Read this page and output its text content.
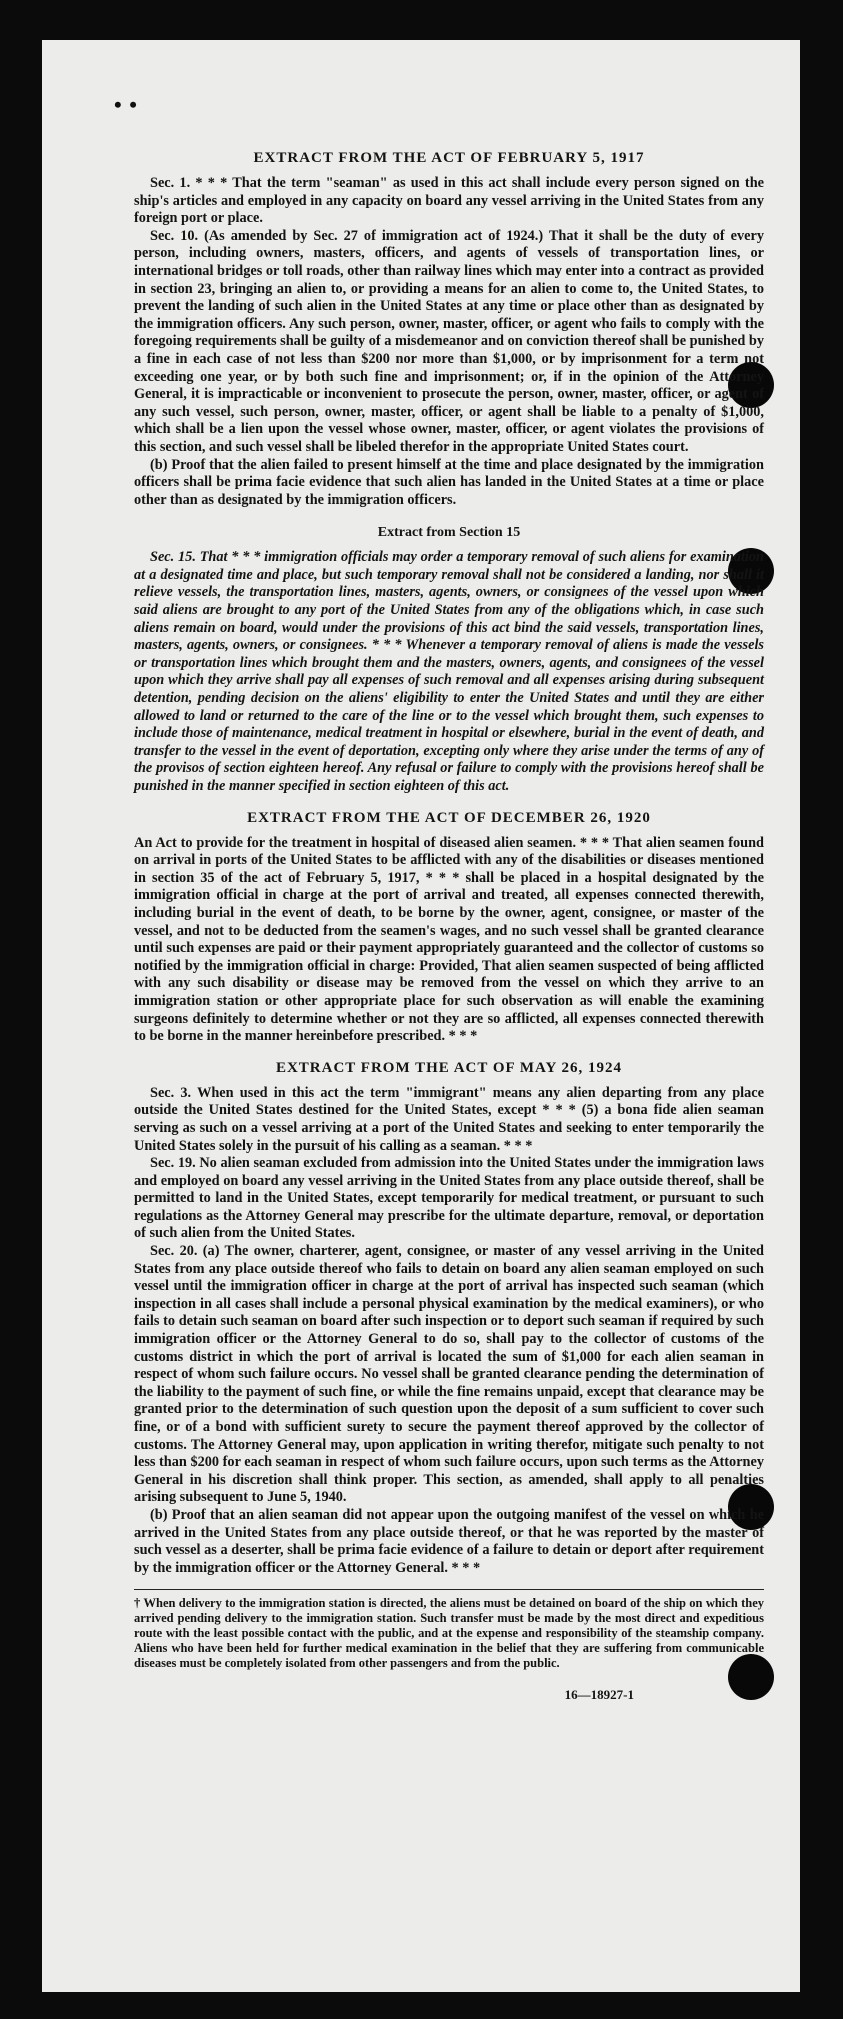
• •
EXTRACT FROM THE ACT OF FEBRUARY 5, 1917

Sec. 1. * * * That the term "seaman" as used in this act shall include every person signed on the ship's articles and employed in any capacity on board any vessel arriving in the United States from any foreign port or place.

Sec. 10. (As amended by Sec. 27 of immigration act of 1924.) That it shall be the duty of every person, including owners, masters, officers, and agents of vessels of transportation lines, or international bridges or toll roads, other than railway lines which may enter into a contract as provided in section 23, bringing an alien to, or providing a means for an alien to come to, the United States, to prevent the landing of such alien in the United States at any time or place other than as designated by the immigration officers. Any such person, owner, master, officer, or agent who fails to comply with the foregoing requirements shall be guilty of a misdemeanor and on conviction thereof shall be punished by a fine in each case of not less than $200 nor more than $1,000, or by imprisonment for a term not exceeding one year, or by both such fine and imprisonment; or, if in the opinion of the Attorney General, it is impracticable or inconvenient to prosecute the person, owner, master, officer, or agent of any such vessel, such person, owner, master, officer, or agent shall be liable to a penalty of $1,000, which shall be a lien upon the vessel whose owner, master, officer, or agent violates the provisions of this section, and such vessel shall be libeled therefor in the appropriate United States court.

(b) Proof that the alien failed to present himself at the time and place designated by the immigration officers shall be prima facie evidence that such alien has landed in the United States at a time or place other than as designated by the immigration officers.

Extract from Section 15

Sec. 15. That * * * immigration officials may order a temporary removal of such aliens for examination at a designated time and place, but such temporary removal shall not be considered a landing, nor shall it relieve vessels, the transportation lines, masters, agents, owners, or consignees of the vessel upon which said aliens are brought to any port of the United States from any of the obligations which, in case such aliens remain on board, would under the provisions of this act bind the said vessels, transportation lines, masters, agents, owners, or consignees. * * * Whenever a temporary removal of aliens is made the vessels or transportation lines which brought them and the masters, owners, agents, and consignees of the vessel upon which they arrive shall pay all expenses of such removal and all expenses arising during subsequent detention, pending decision on the aliens' eligibility to enter the United States and until they are either allowed to land or returned to the care of the line or to the vessel which brought them, such expenses to include those of maintenance, medical treatment in hospital or elsewhere, burial in the event of death, and transfer to the vessel in the event of deportation, excepting only where they arise under the terms of any of the provisos of section eighteen hereof. Any refusal or failure to comply with the provisions hereof shall be punished in the manner specified in section eighteen of this act.

EXTRACT FROM THE ACT OF DECEMBER 26, 1920

An Act to provide for the treatment in hospital of diseased alien seamen. * * * That alien seamen found on arrival in ports of the United States to be afflicted with any of the disabilities or diseases mentioned in section 35 of the act of February 5, 1917, * * * shall be placed in a hospital designated by the immigration official in charge at the port of arrival and treated, all expenses connected therewith, including burial in the event of death, to be borne by the owner, agent, consignee, or master of the vessel, and not to be deducted from the seamen's wages, and no such vessel shall be granted clearance until such expenses are paid or their payment appropriately guaranteed and the collector of customs so notified by the immigration official in charge: Provided, That alien seamen suspected of being afflicted with any such disability or disease may be removed from the vessel on which they arrive to an immigration station or other appropriate place for such observation as will enable the examining surgeons definitely to determine whether or not they are so afflicted, all expenses connected therewith to be borne in the manner hereinbefore prescribed. * * *

EXTRACT FROM THE ACT OF MAY 26, 1924

Sec. 3. When used in this act the term "immigrant" means any alien departing from any place outside the United States destined for the United States, except * * * (5) a bona fide alien seaman serving as such on a vessel arriving at a port of the United States and seeking to enter temporarily the United States solely in the pursuit of his calling as a seaman. * * *

Sec. 19. No alien seaman excluded from admission into the United States under the immigration laws and employed on board any vessel arriving in the United States from any place outside thereof, shall be permitted to land in the United States, except temporarily for medical treatment, or pursuant to such regulations as the Attorney General may prescribe for the ultimate departure, removal, or deportation of such alien from the United States.

Sec. 20. (a) The owner, charterer, agent, consignee, or master of any vessel arriving in the United States from any place outside thereof who fails to detain on board any alien seaman employed on such vessel until the immigration officer in charge at the port of arrival has inspected such seaman (which inspection in all cases shall include a personal physical examination by the medical examiners), or who fails to detain such seaman on board after such inspection or to deport such seaman if required by such immigration officer or the Attorney General to do so, shall pay to the collector of customs of the customs district in which the port of arrival is located the sum of $1,000 for each alien seaman in respect of whom such failure occurs. No vessel shall be granted clearance pending the determination of the liability to the payment of such fine, or while the fine remains unpaid, except that clearance may be granted prior to the determination of such question upon the deposit of a sum sufficient to cover such fine, or of a bond with sufficient surety to secure the payment thereof approved by the collector of customs. The Attorney General may, upon application in writing therefor, mitigate such penalty to not less than $200 for each seaman in respect of whom such failure occurs, upon such terms as the Attorney General in his discretion shall think proper. This section, as amended, shall apply to all penalties arising subsequent to June 5, 1940.

(b) Proof that an alien seaman did not appear upon the outgoing manifest of the vessel on which he arrived in the United States from any place outside thereof, or that he was reported by the master of such vessel as a deserter, shall be prima facie evidence of a failure to detain or deport after requirement by the immigration officer or the Attorney General. * * *

† When delivery to the immigration station is directed, the aliens must be detained on board of the ship on which they arrived pending delivery to the immigration station. Such transfer must be made by the most direct and expeditious route with the least possible contact with the public, and at the expense and responsibility of the steamship company. Aliens who have been held for further medical examination in the belief that they are suffering from communicable diseases must be completely isolated from other passengers and from the public.

16—18927-1
